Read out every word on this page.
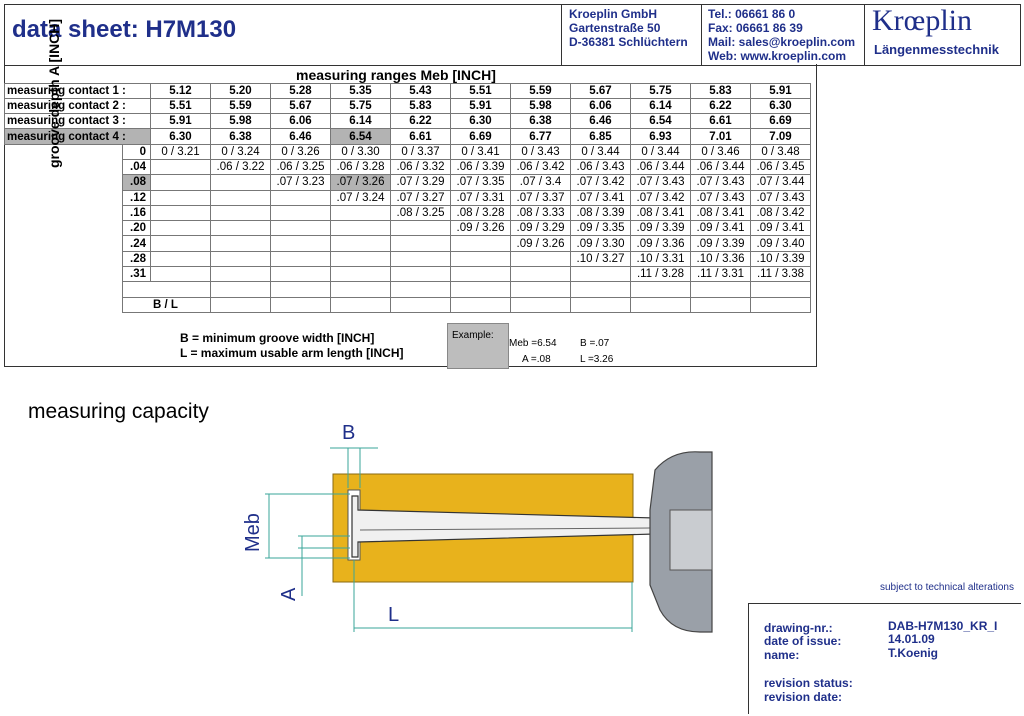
data sheet: H7M130
Kroeplin GmbH
Gartenstraße 50
D-36381 Schlüchtern
Tel.: 06661 86 0
Fax: 06661 86 39
Mail: sales@kroeplin.com
Web: www.kroeplin.com
Krœplin
Längenmesstechnik
measuring ranges Meb [INCH]

measuring contact 1 :		5.12	5.20	5.28	5.35	5.43	5.51	5.59	5.67	5.75	5.83	5.91
measuring contact 2 :		5.51	5.59	5.67	5.75	5.83	5.91	5.98	6.06	6.14	6.22	6.30
measuring contact 3 :		5.91	5.98	6.06	6.14	6.22	6.30	6.38	6.46	6.54	6.61	6.69
measuring contact 4 :		6.30	6.38	6.46	6.54	6.61	6.69	6.77	6.85	6.93	7.01	7.09
	0	0 / 3.21	0 / 3.24	0 / 3.26	0 / 3.30	0 / 3.37	0 / 3.41	0 / 3.43	0 / 3.44	0 / 3.44	0 / 3.46	0 / 3.48
	.04		.06 / 3.22	.06 / 3.25	.06 / 3.28	.06 / 3.32	.06 / 3.39	.06 / 3.42	.06 / 3.43	.06 / 3.44	.06 / 3.44	.06 / 3.45
	.08			.07 / 3.23	.07 / 3.26	.07 / 3.29	.07 / 3.35	.07 / 3.4	.07 / 3.42	.07 / 3.43	.07 / 3.43	.07 / 3.44
	.12				.07 / 3.24	.07 / 3.27	.07 / 3.31	.07 / 3.37	.07 / 3.41	.07 / 3.42	.07 / 3.43	.07 / 3.43
	.16					.08 / 3.25	.08 / 3.28	.08 / 3.33	.08 / 3.39	.08 / 3.41	.08 / 3.41	.08 / 3.42
	.20						.09 / 3.26	.09 / 3.29	.09 / 3.35	.09 / 3.39	.09 / 3.41	.09 / 3.41
	.24							.09 / 3.26	.09 / 3.30	.09 / 3.36	.09 / 3.39	.09 / 3.40
	.28								.10 / 3.27	.10 / 3.31	.10 / 3.36	.10 / 3.39
	.31									.11 / 3.28	.11 / 3.31	.11 / 3.38

	B / L											
groove depth A [INCH]
B = minimum groove width [INCH]
L = maximum usable arm length [INCH]
Example:
Meb =6.54 B =.07
A =.08	L =3.26
measuring capacity
B
Meb
A
L
subject to technical alterations
drawing-nr.:	DAB-H7M130_KR_I
date of issue:	14.01.09
name:	T.Koenig
revision status:
revision date:
